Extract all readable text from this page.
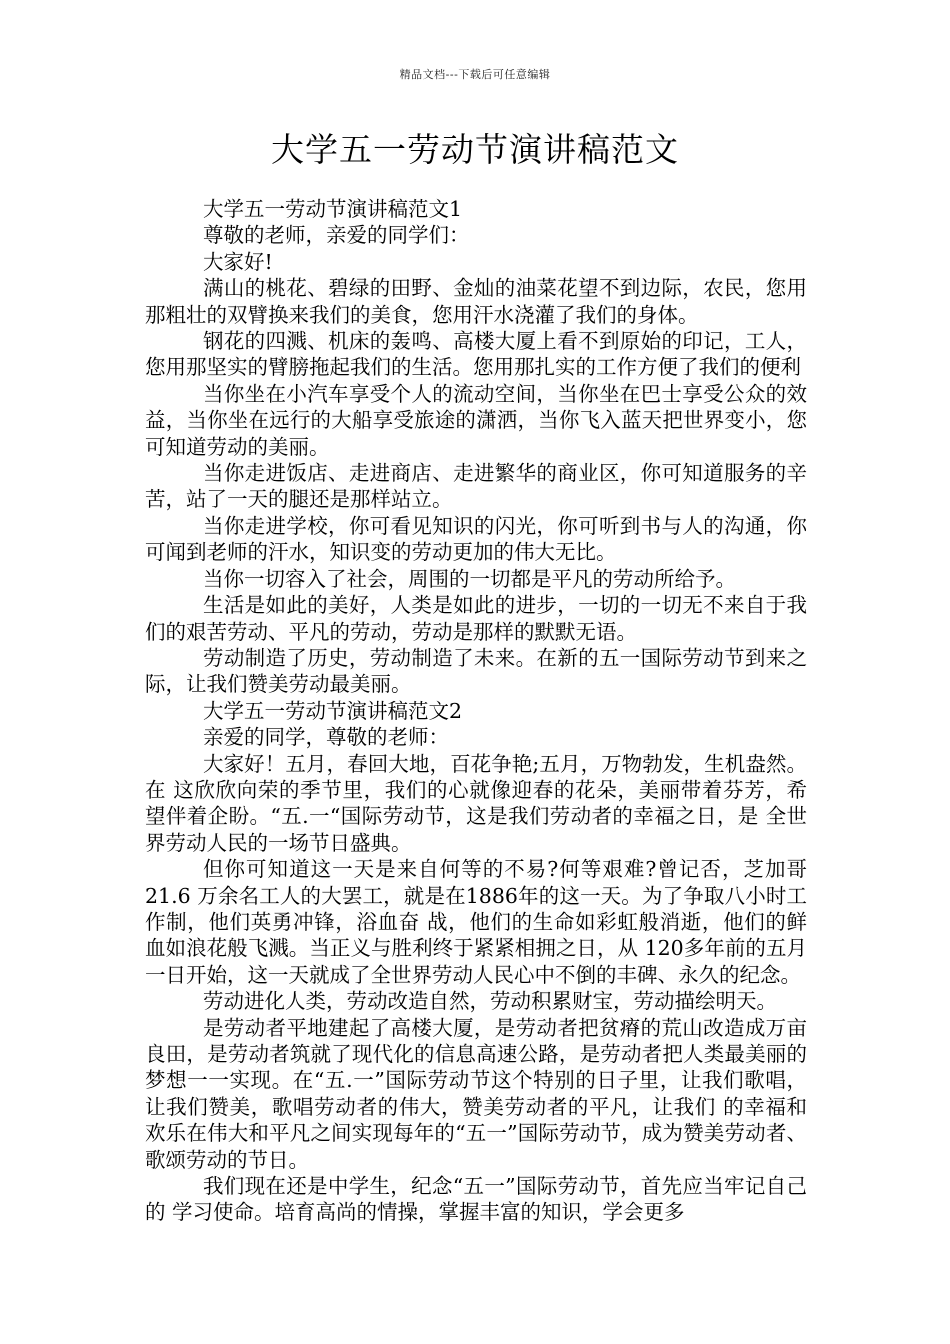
精品文档---下载后可任意编辑
大学五一劳动节演讲稿范文

大学五一劳动节演讲稿范文1

尊敬的老师，亲爱的同学们：

大家好!

满山的桃花、碧绿的田野、金灿的油菜花望不到边际，农民，您用那粗壮的双臂换来我们的美食，您用汗水浇灌了我们的身体。

钢花的四溅、机床的轰鸣、高楼大厦上看不到原始的印记，工人，您用那坚实的臂膀拖起我们的生活。您用那扎实的工作方便了我们的便利

当你坐在小汽车享受个人的流动空间，当你坐在巴士享受公众的效益，当你坐在远行的大船享受旅途的潇洒，当你飞入蓝天把世界变小，您可知道劳动的美丽。

当你走进饭店、走进商店、走进繁华的商业区，你可知道服务的辛苦，站了一天的腿还是那样站立。

当你走进学校，你可看见知识的闪光，你可听到书与人的沟通，你可闻到老师的汗水，知识变的劳动更加的伟大无比。

当你一切容入了社会，周围的一切都是平凡的劳动所给予。

生活是如此的美好，人类是如此的进步，一切的一切无不来自于我们的艰苦劳动、平凡的劳动，劳动是那样的默默无语。

劳动制造了历史，劳动制造了未来。在新的五一国际劳动节到来之际，让我们赞美劳动最美丽。

大学五一劳动节演讲稿范文2

亲爱的同学，尊敬的老师：

大家好！五月，春回大地，百花争艳;五月，万物勃发，生机盎然。在 这欣欣向荣的季节里，我们的心就像迎春的花朵，美丽带着芬芳，希望伴着企盼。“五.一“国际劳动节，这是我们劳动者的幸福之日，是 全世界劳动人民的一场节日盛典。

但你可知道这一天是来自何等的不易?何等艰难?曾记否，芝加哥 21.6 万余名工人的大罢工，就是在1886年的这一天。为了争取八小时工作制，他们英勇冲锋，浴血奋 战，他们的生命如彩虹般消逝，他们的鲜血如浪花般飞溅。当正义与胜利终于紧紧相拥之日，从 120多年前的五月一日开始，这一天就成了全世界劳动人民心中不倒的丰碑、永久的纪念。

劳动进化人类，劳动改造自然，劳动积累财宝，劳动描绘明天。

是劳动者平地建起了高楼大厦，是劳动者把贫瘠的荒山改造成万亩良田，是劳动者筑就了现代化的信息高速公路，是劳动者把人类最美丽的梦想一一实现。在“五.一”国际劳动节这个特别的日子里，让我们歌唱，让我们赞美，歌唱劳动者的伟大，赞美劳动者的平凡，让我们 的幸福和欢乐在伟大和平凡之间实现每年的“五一”国际劳动节，成为赞美劳动者、歌颂劳动的节日。

我们现在还是中学生，纪念“五一”国际劳动节，首先应当牢记自己的 学习使命。培育高尚的情操，掌握丰富的知识，学会更多
